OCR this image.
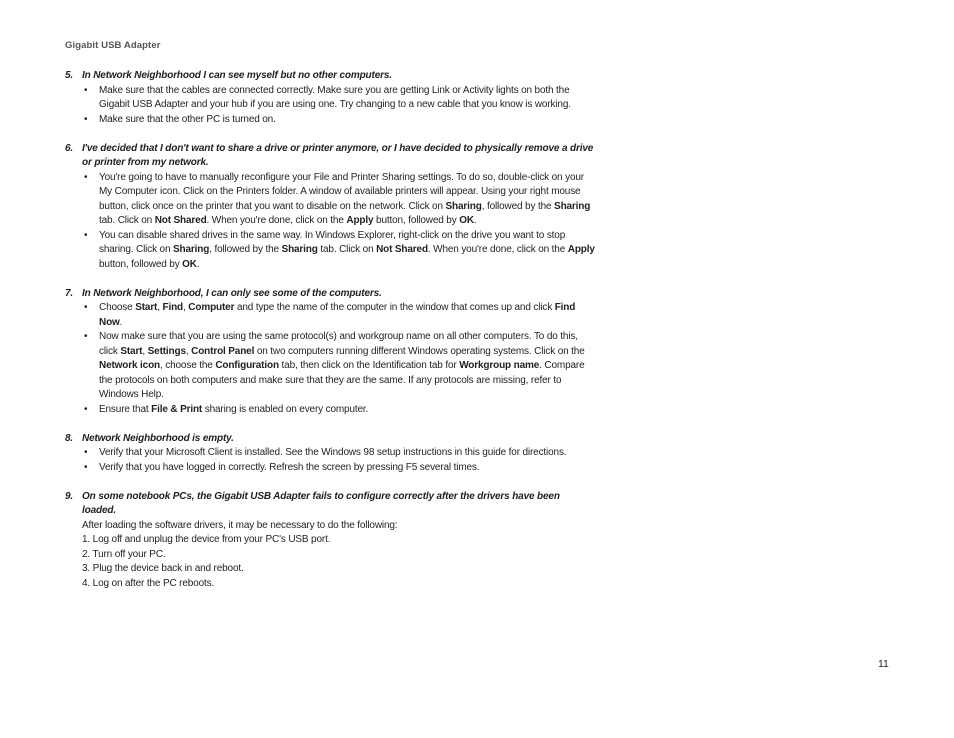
Gigabit USB Adapter
5. In Network Neighborhood I can see myself but no other computers.
• Make sure that the cables are connected correctly. Make sure you are getting Link or Activity lights on both the Gigabit USB Adapter and your hub if you are using one. Try changing to a new cable that you know is working.
• Make sure that the other PC is turned on.
6. I've decided that I don't want to share a drive or printer anymore, or I have decided to physically remove a drive or printer from my network.
• You're going to have to manually reconfigure your File and Printer Sharing settings. To do so, double-click on your My Computer icon. Click on the Printers folder. A window of available printers will appear. Using your right mouse button, click once on the printer that you want to disable on the network. Click on Sharing, followed by the Sharing tab. Click on Not Shared. When you're done, click on the Apply button, followed by OK.
• You can disable shared drives in the same way. In Windows Explorer, right-click on the drive you want to stop sharing. Click on Sharing, followed by the Sharing tab. Click on Not Shared. When you're done, click on the Apply button, followed by OK.
7. In Network Neighborhood, I can only see some of the computers.
• Choose Start, Find, Computer and type the name of the computer in the window that comes up and click Find Now.
• Now make sure that you are using the same protocol(s) and workgroup name on all other computers. To do this, click Start, Settings, Control Panel on two computers running different Windows operating systems. Click on the Network icon, choose the Configuration tab, then click on the Identification tab for Workgroup name. Compare the protocols on both computers and make sure that they are the same. If any protocols are missing, refer to Windows Help.
• Ensure that File & Print sharing is enabled on every computer.
8. Network Neighborhood is empty.
• Verify that your Microsoft Client is installed. See the Windows 98 setup instructions in this guide for directions.
• Verify that you have logged in correctly. Refresh the screen by pressing F5 several times.
9. On some notebook PCs, the Gigabit USB Adapter fails to configure correctly after the drivers have been loaded.
After loading the software drivers, it may be necessary to do the following:
1. Log off and unplug the device from your PC's USB port.
2. Turn off your PC.
3. Plug the device back in and reboot.
4. Log on after the PC reboots.
11
